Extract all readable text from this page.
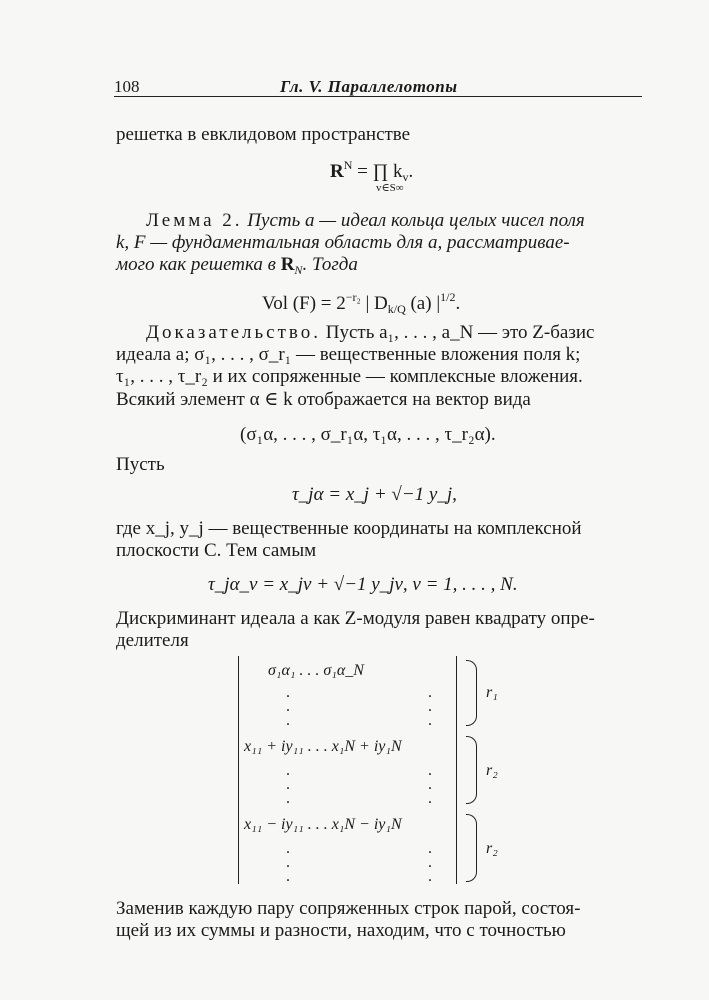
108	Гл. V. Параллелотопы
решетка в евклидовом пространстве
$R^N$ = ∏ $k_v$.
v∈S∞
Лемма 2. Пусть a — идеал кольца целых чисел поля
k, F — фундаментальная область для a, рассматривае-
мого как решетка в $R_N$. Тогда
Vol $(F) = 2^{-r_2}$ | $D_{k/Q}$ (a) $|^{1/2}$.
Доказательство. Пусть a₁, . . . , a_N — это Z-базис
идеала a; σ₁, . . . , σ_r₁ — вещественные вложения поля k;
τ₁, . . . , τ_r₂ и их сопряженные — комплексные вложения.
Всякий элемент α ∈ k отображается на вектор вида
(σ₁α, . . . , σ_r₁α, τ₁α, . . . , τ_r₂α).
Пусть
τ_jα = x_j + √−1 y_j,
где x_j, y_j — вещественные координаты на комплексной
плоскости C. Тем самым
τ_jα_ν = x_jν + √−1 y_jν, ν = 1, . . . , N.
Дискриминант идеала a как Z-модуля равен квадрату опре-
делителя
σ₁α₁ . . . σ₁α_N
.
.
.
.
.
.
x₁₁ + iy₁₁ . . . x₁N + iy₁N
.
.
.
.
.
.
x₁₁ − iy₁₁ . . . x₁N − iy₁N
.
.
.
.
.
.
r₁
r₂
r₂
Заменив каждую пару сопряженных строк парой, состоя-
щей из их суммы и разности, находим, что с точностью
